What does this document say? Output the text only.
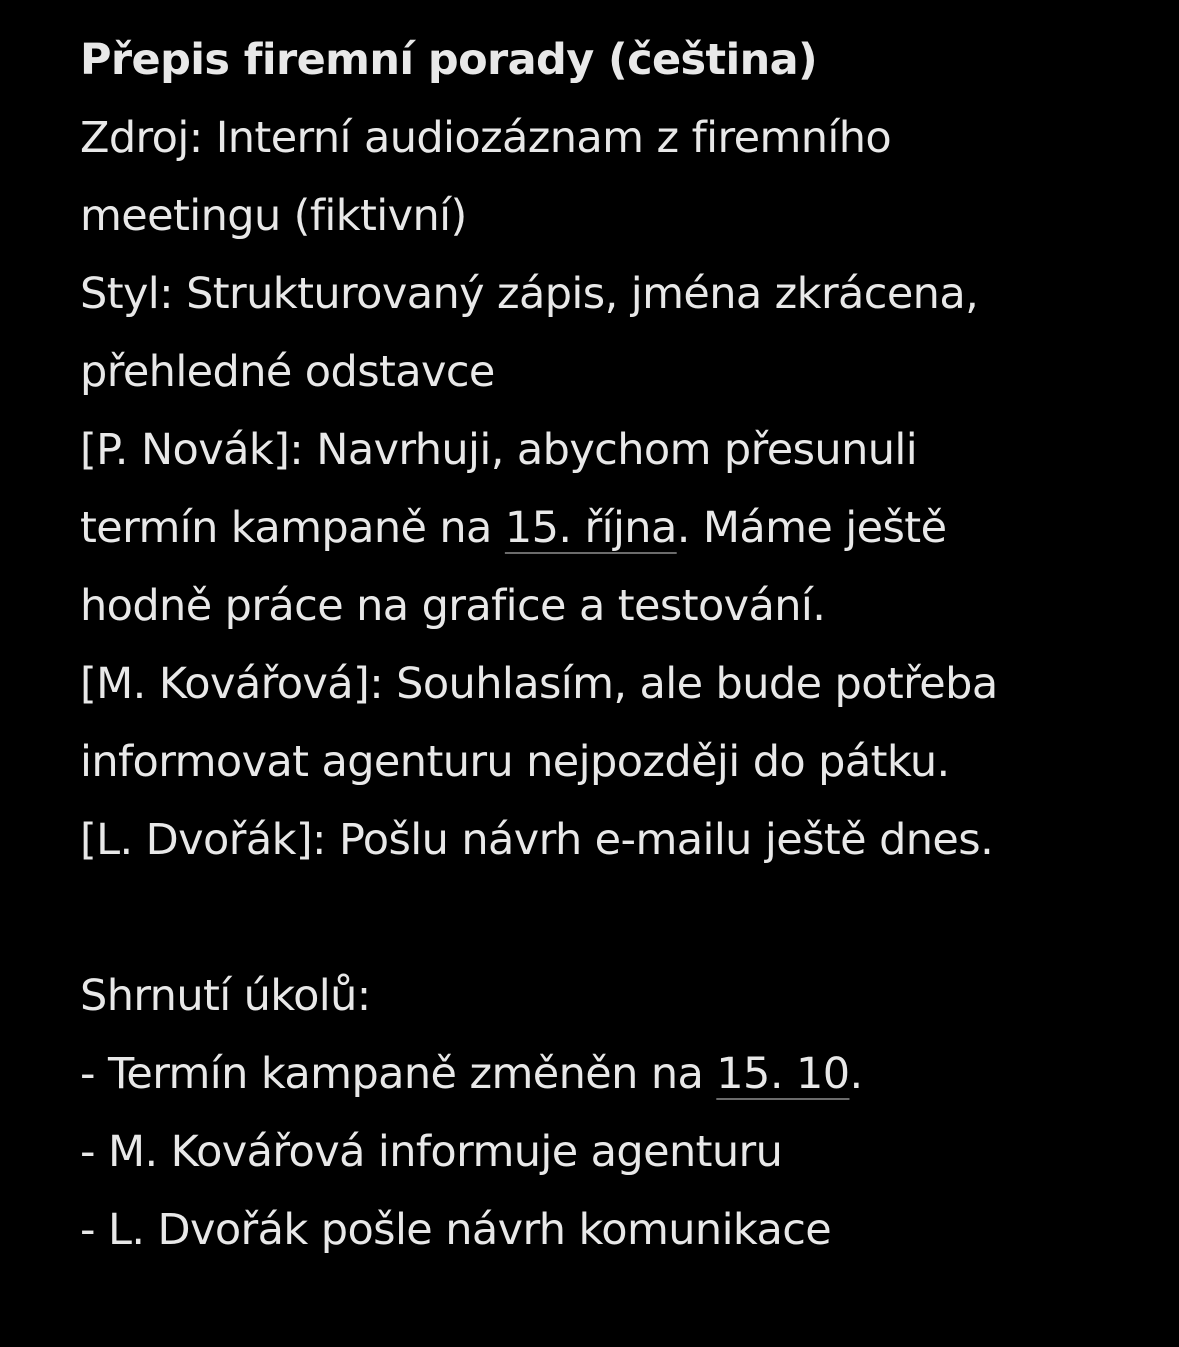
Přepis firemní porady (čeština)
Zdroj: Interní audiozáznam z firemního
meetingu (fiktivní)
Styl: Strukturovaný zápis, jména zkrácena,
přehledné odstavce
[P. Novák]: Navrhuji, abychom přesunuli
termín kampaně na 15. října. Máme ještě
hodně práce na grafice a testování.
[M. Kovářová]: Souhlasím, ale bude potřeba
informovat agenturu nejpozději do pátku.
[L. Dvořák]: Pošlu návrh e-mailu ještě dnes.
Shrnutí úkolů:
- Termín kampaně změněn na 15. 10.
- M. Kovářová informuje agenturu
- L. Dvořák pošle návrh komunikace
